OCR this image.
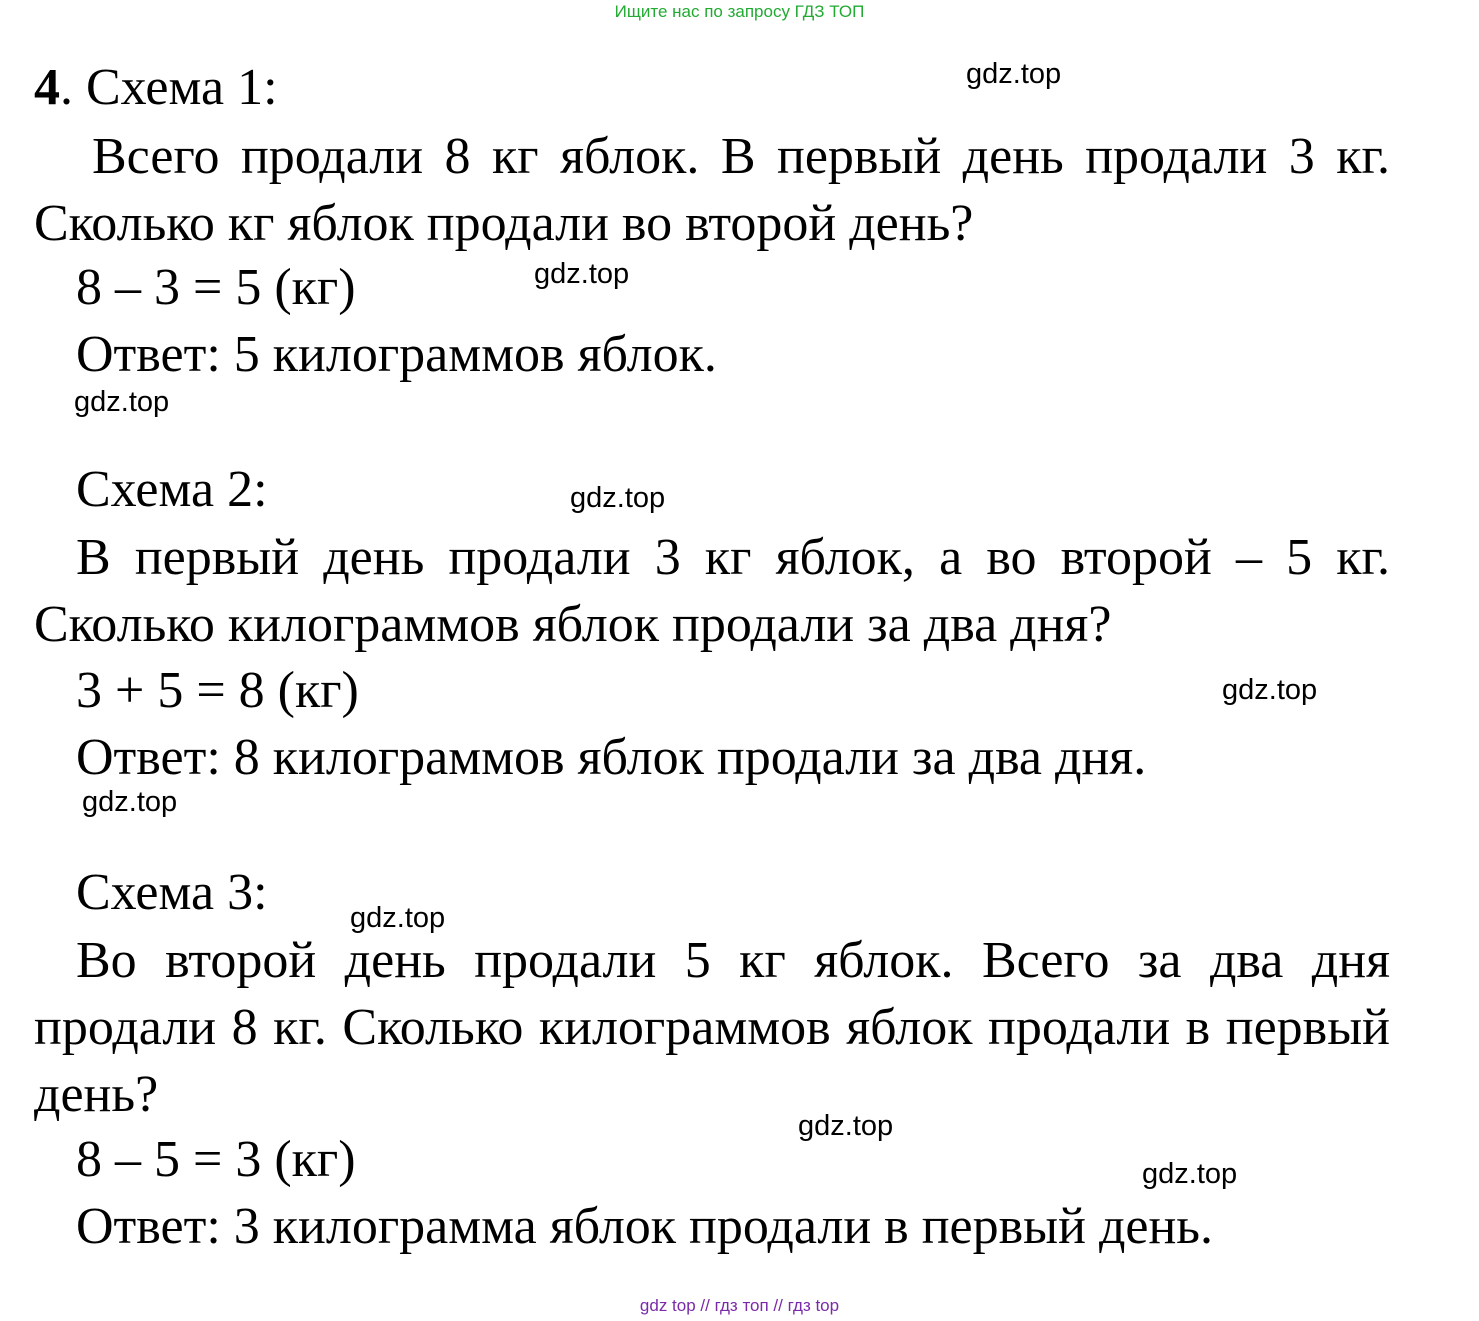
Ищите нас по запросу ГДЗ ТОП
4. Схема 1:
Всего продали 8 кг яблок. В первый день продали 3 кг. Сколько кг яблок продали во второй день?
8 – 3 = 5 (кг)
Ответ: 5 килограммов яблок.
Схема 2:
В первый день продали 3 кг яблок, а во второй – 5 кг. Сколько килограммов яблок продали за два дня?
3 + 5 = 8 (кг)
Ответ: 8 килограммов яблок продали за два дня.
Схема 3:
Во второй день продали 5 кг яблок. Всего за два дня продали 8 кг. Сколько килограммов яблок продали в первый день?
8 – 5 = 3 (кг)
Ответ: 3 килограмма яблок продали в первый день.
gdz.top
gdz.top
gdz.top
gdz.top
gdz.top
gdz.top
gdz.top
gdz.top
gdz.top
gdz top // гдз топ // гдз top
